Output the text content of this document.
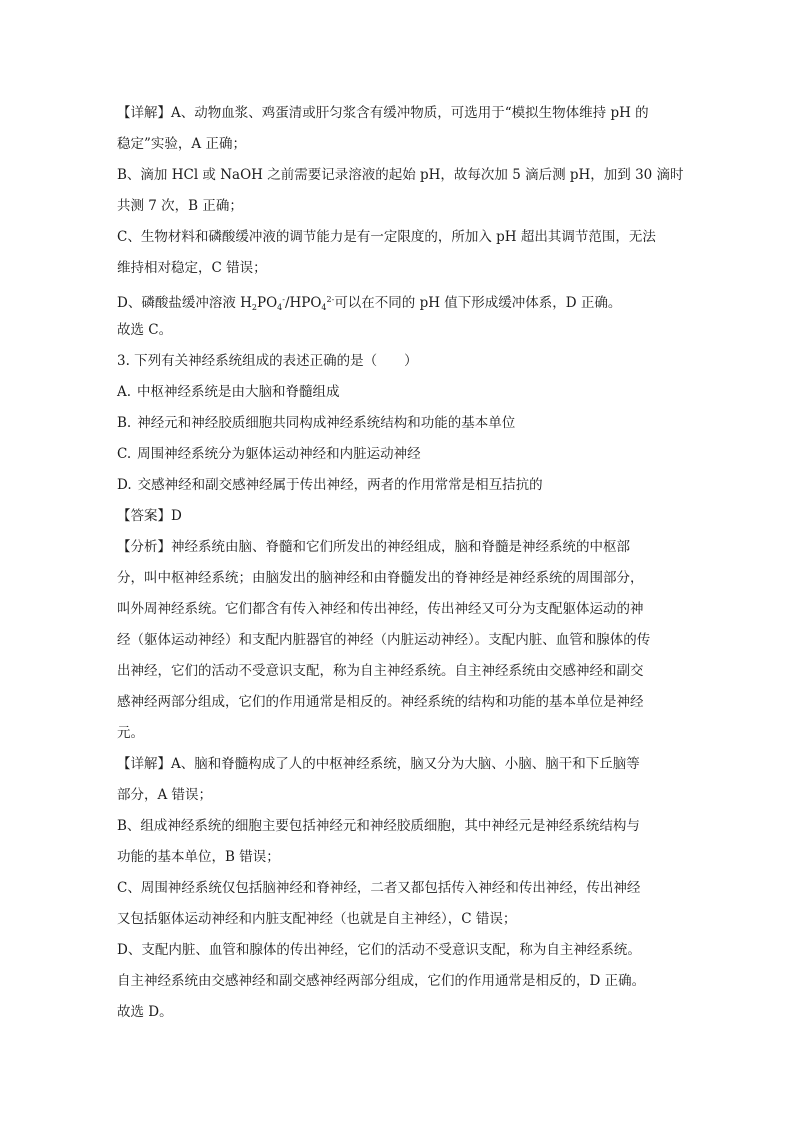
【详解】A、动物血浆、鸡蛋清或肝匀浆含有缓冲物质，可选用于“模拟生物体维持 pH 的
稳定”实验，A 正确；
B、滴加 HCl 或 NaOH 之前需要记录溶液的起始 pH，故每次加 5 滴后测 pH，加到 30 滴时
共测 7 次，B 正确；
C、生物材料和磷酸缓冲液的调节能力是有一定限度的，所加入 pH 超出其调节范围，无法
维持相对稳定，C 错误；
D、磷酸盐缓冲溶液 $H_2PO_4^-/HPO_4^{2-}$可以在不同的 pH 值下形成缓冲体系，D 正确。
故选 C。
3. 下列有关神经系统组成的表述正确的是（　　）
A. 中枢神经系统是由大脑和脊髓组成
B. 神经元和神经胶质细胞共同构成神经系统结构和功能的基本单位
C. 周围神经系统分为躯体运动神经和内脏运动神经
D. 交感神经和副交感神经属于传出神经，两者的作用常常是相互拮抗的
【答案】D
【分析】神经系统由脑、脊髓和它们所发出的神经组成，脑和脊髓是神经系统的中枢部
分，叫中枢神经系统；由脑发出的脑神经和由脊髓发出的脊神经是神经系统的周围部分，
叫外周神经系统。它们都含有传入神经和传出神经，传出神经又可分为支配躯体运动的神
经（躯体运动神经）和支配内脏器官的神经（内脏运动神经）。支配内脏、血管和腺体的传
出神经，它们的活动不受意识支配，称为自主神经系统。自主神经系统由交感神经和副交
感神经两部分组成，它们的作用通常是相反的。神经系统的结构和功能的基本单位是神经
元。
【详解】A、脑和脊髓构成了人的中枢神经系统，脑又分为大脑、小脑、脑干和下丘脑等
部分，A 错误；
B、组成神经系统的细胞主要包括神经元和神经胶质细胞，其中神经元是神经系统结构与
功能的基本单位，B 错误；
C、周围神经系统仅包括脑神经和脊神经，二者又都包括传入神经和传出神经，传出神经
又包括躯体运动神经和内脏支配神经（也就是自主神经），C 错误；
D、支配内脏、血管和腺体的传出神经，它们的活动不受意识支配，称为自主神经系统。
自主神经系统由交感神经和副交感神经两部分组成，它们的作用通常是相反的，D 正确。
故选 D。
